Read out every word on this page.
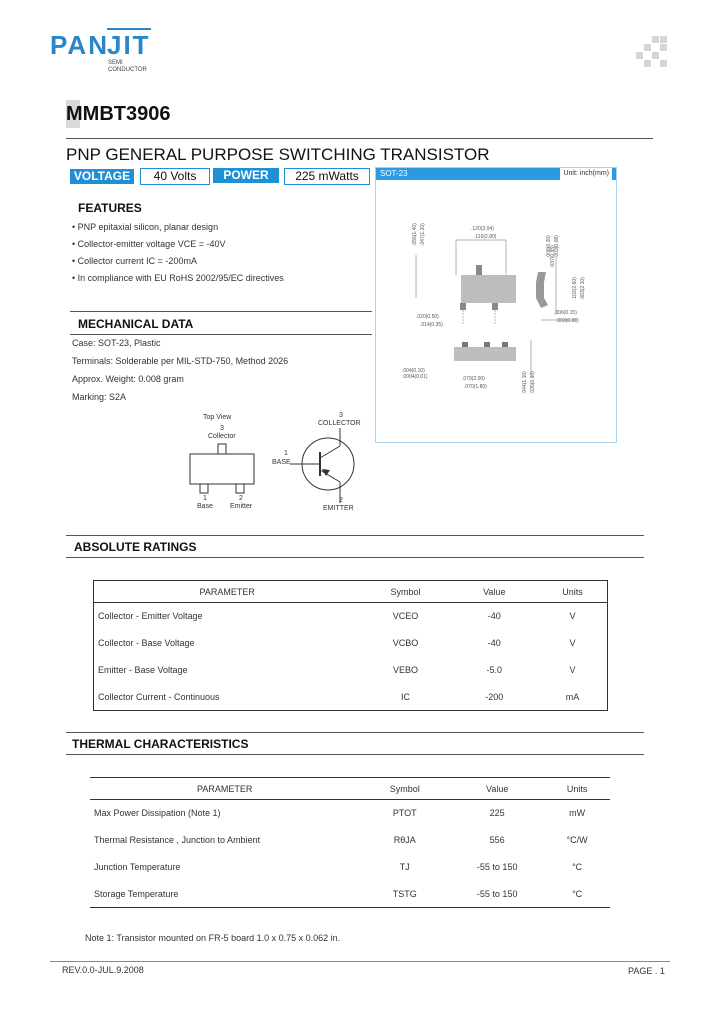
PAN
JIT
SEMI
CONDUCTOR
MMBT3906
PNP GENERAL PURPOSE SWITCHING TRANSISTOR
VOLTAGE	40 Volts	POWER	225 mWatts	SOT-23	Unit: inch(mm)
.120(3.04)
.110(2.80)
.055(1.40) .047(1.20)
.102(2.60) .083(2.10)
.020(0.50)
.014(0.35)
.006(0.15)
.003(0.08)
.008(0.20) .003(0.08)
.079(2.00)
.070(1.80)
.004(0.10)
.0004(0.01)	.044(1.10) .035(0.90)
.037(0.95)
FEATURES
• PNP epitaxial silicon, planar design
• Collector-emitter voltage VCE = -40V
• Collector current IC = -200mA
• In compliance with EU RoHS 2002/95/EC directives
MECHANICAL DATA
Case: SOT-23, Plastic
Terminals: Solderable per MIL-STD-750, Method 2026
Approx. Weight: 0.008 gram
Marking: S2A
Top View
3
Collector
1
Base
2
Emitter
3
COLLECTOR
1
BASE
2
EMITTER
ABSOLUTE RATINGS
PARAMETER	Symbol	Value	Units
Collector - Emitter Voltage	VCEO	-40	V
Collector - Base Voltage	VCBO	-40	V
Emitter - Base Voltage	VEBO	-5.0	V
Collector Current - Continuous	IC	-200	mA
THERMAL CHARACTERISTICS
PARAMETER	Symbol	Value	Units
Max Power Dissipation (Note 1)	PTOT	225	mW
Thermal Resistance , Junction to Ambient	RθJA	556	°C/W
Junction Temperature	TJ	-55 to 150	°C
Storage Temperature	TSTG	-55 to 150	°C
Note 1: Transistor mounted on FR-5 board 1.0 x 0.75 x 0.062 in.
REV.0.0-JUL.9.2008	PAGE . 1
